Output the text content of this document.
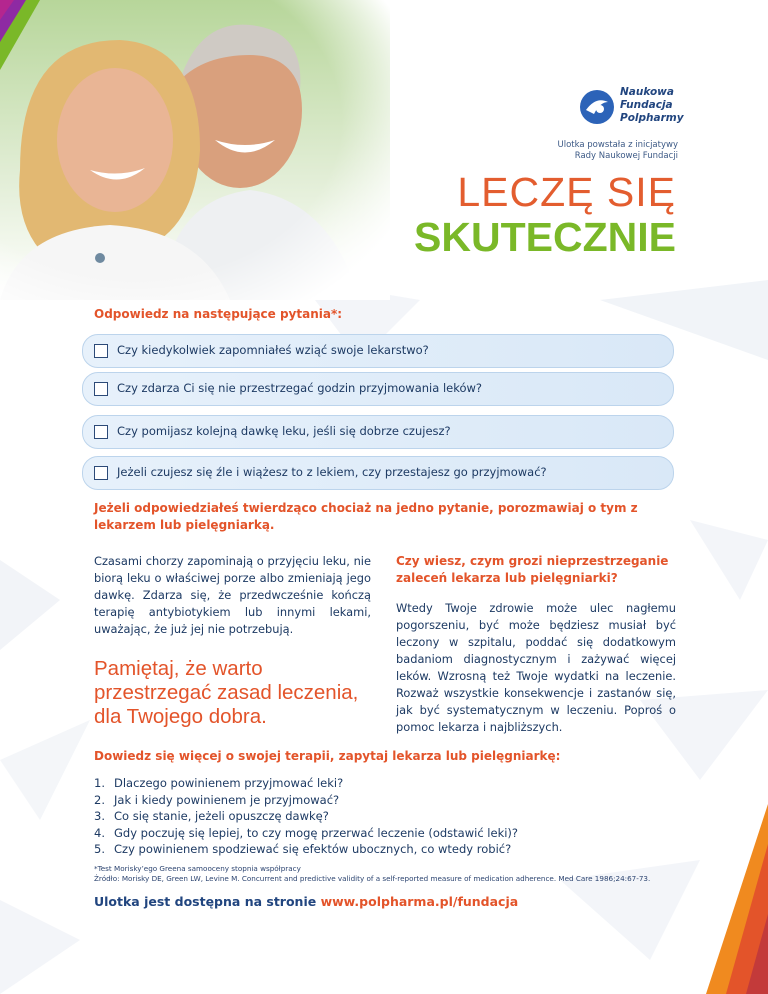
Naukowa
Fundacja
Polpharmy
Ulotka powstała z inicjatywy
Rady Naukowej Fundacji
LECZĘ SIĘ
SKUTECZNIE
Odpowiedz na następujące pytania*:
Czy kiedykolwiek zapomniałeś wziąć swoje lekarstwo?
Czy zdarza Ci się nie przestrzegać godzin przyjmowania leków?
Czy pomijasz kolejną dawkę leku, jeśli się dobrze czujesz?
Jeżeli czujesz się źle i wiążesz to z lekiem, czy przestajesz go przyjmować?
Jeżeli odpowiedziałeś twierdząco chociaż na jedno pytanie, porozmawiaj o tym z lekarzem lub pielęgniarką.
Czasami chorzy zapominają o przyjęciu leku, nie biorą leku o właściwej porze albo zmieniają jego dawkę. Zdarza się, że przedwcześnie kończą terapię antybiotykiem lub innymi lekami, uważając, że już jej nie potrzebują.
Pamiętaj, że warto przestrzegać zasad leczenia, dla Twojego dobra.
Czy wiesz, czym grozi nieprzestrzeganie zaleceń lekarza lub pielęgniarki?
Wtedy Twoje zdrowie może ulec nagłemu pogorszeniu, być może będziesz musiał być leczony w szpitalu, poddać się dodatkowym badaniom diagnostycznym i zażywać więcej leków. Wzrosną też Twoje wydatki na leczenie. Rozważ wszystkie konsekwencje i zastanów się, jak być systematycznym w leczeniu. Poproś o pomoc lekarza i najbliższych.
Dowiedz się więcej o swojej terapii, zapytaj lekarza lub pielęgniarkę:
1. Dlaczego powinienem przyjmować leki?
2. Jak i kiedy powinienem je przyjmować?
3. Co się stanie, jeżeli opuszczę dawkę?
4. Gdy poczuję się lepiej, to czy mogę przerwać leczenie (odstawić leki)?
5. Czy powinienem spodziewać się efektów ubocznych, co wtedy robić?
*Test Morisky’ego Greena samooceny stopnia współpracy
Źródło: Morisky DE, Green LW, Levine M. Concurrent and predictive validity of a self-reported measure of medication adherence. Med Care 1986;24:67-73.
Ulotka jest dostępna na stronie www.polpharma.pl/fundacja
